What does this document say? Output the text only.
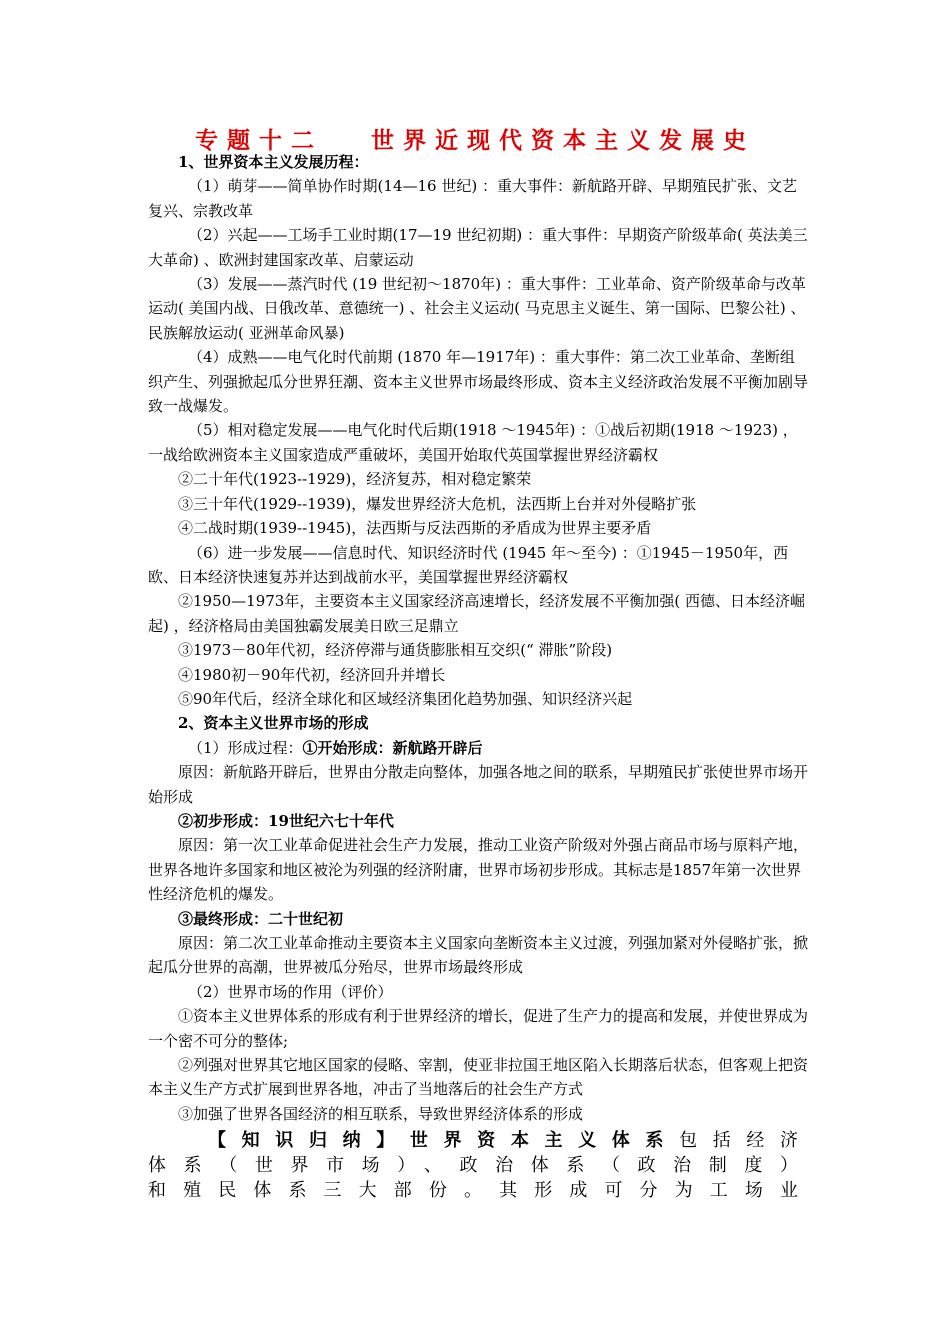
专题十二 世界近现代资本主义发展史

1、世界资本主义发展历程：

（1）萌芽——简单协作时期(14—16 世纪) ：重大事件：新航路开辟、早期殖民扩张、文艺复兴、宗教改革

（2）兴起——工场手工业时期(17—19 世纪初期) ：重大事件：早期资产阶级革命( 英法美三大革命) 、欧洲封建国家改革、启蒙运动

（3）发展——蒸汽时代 (19 世纪初～1870年) ：重大事件：工业革命、资产阶级革命与改革运动( 美国内战、日俄改革、意德统一) 、社会主义运动( 马克思主义诞生、第一国际、巴黎公社) 、民族解放运动( 亚洲革命风暴)

（4）成熟——电气化时代前期 (1870 年—1917年) ：重大事件：第二次工业革命、垄断组织产生、列强掀起瓜分世界狂潮、资本主义世界市场最终形成、资本主义经济政治发展不平衡加剧导致一战爆发。

（5）相对稳定发展——电气化时代后期(1918 ～1945年) ：①战后初期(1918 ～1923) ，一战给欧洲资本主义国家造成严重破坏，美国开始取代英国掌握世界经济霸权

②二十年代(1923--1929)，经济复苏，相对稳定繁荣

③三十年代(1929--1939)，爆发世界经济大危机，法西斯上台并对外侵略扩张

④二战时期(1939--1945)，法西斯与反法西斯的矛盾成为世界主要矛盾

（6）进一步发展——信息时代、知识经济时代 (1945 年～至今) ：①1945－1950年，西欧、日本经济快速复苏并达到战前水平，美国掌握世界经济霸权

②1950—1973年，主要资本主义国家经济高速增长，经济发展不平衡加强( 西德、日本经济崛起) ，经济格局由美国独霸发展美日欧三足鼎立

③1973－80年代初，经济停滞与通货膨胀相互交织(“ 滞胀”阶段)

④1980初－90年代初，经济回升并增长

⑤90年代后，经济全球化和区域经济集团化趋势加强、知识经济兴起

2、资本主义世界市场的形成

（1）形成过程：①开始形成：新航路开辟后

原因：新航路开辟后，世界由分散走向整体，加强各地之间的联系，早期殖民扩张使世界市场开始形成

②初步形成：19世纪六七十年代

原因：第一次工业革命促进社会生产力发展，推动工业资产阶级对外强占商品市场与原料产地，世界各地许多国家和地区被沦为列强的经济附庸，世界市场初步形成。其标志是1857年第一次世界性经济危机的爆发。

③最终形成：二十世纪初

原因：第二次工业革命推动主要资本主义国家向垄断资本主义过渡，列强加紧对外侵略扩张，掀起瓜分世界的高潮，世界被瓜分殆尽，世界市场最终形成

（2）世界市场的作用（评价）

①资本主义世界体系的形成有利于世界经济的增长，促进了生产力的提高和发展，并使世界成为一个密不可分的整体;

②列强对世界其它地区国家的侵略、宰割，使亚非拉国王地区陷入长期落后状态，但客观上把资本主义生产方式扩展到世界各地，冲击了当地落后的社会生产方式

③加强了世界各国经济的相互联系，导致世界经济体系的形成

【知识归纳】世界资本主义体系包括经济
体系（世界市场）、政治体系（政治制度）
和殖民体系三大部份。其形成可分为工场业
